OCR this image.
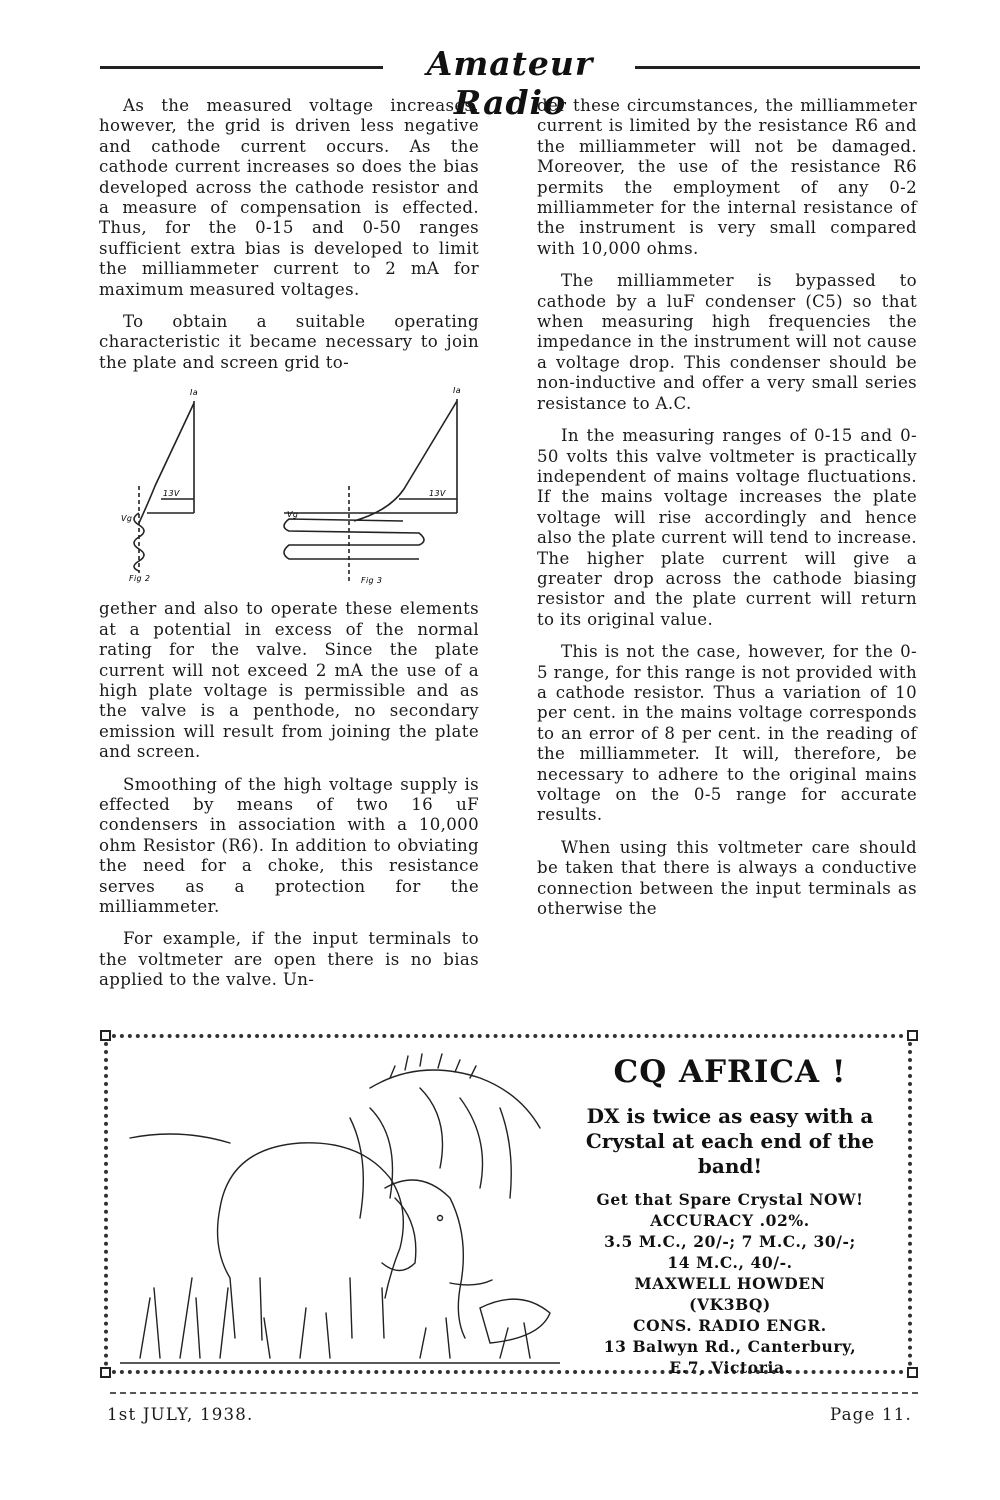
Amateur Radio

As the measured voltage increases, however, the grid is driven less negative and cathode current occurs. As the cathode current increases so does the bias developed across the cathode resistor and a measure of compensation is effected. Thus, for the 0-15 and 0-50 ranges sufficient extra bias is developed to limit the milliammeter current to 2 mA for maximum measured voltages.

To obtain a suitable operating characteristic it became necessary to join the plate and screen grid to-

Ia
Vg
13V
Fig 2
Ia
Vg
13V
Fig 3

gether and also to operate these elements at a potential in excess of the normal rating for the valve. Since the plate current will not exceed 2 mA the use of a high plate voltage is permissible and as the valve is a penthode, no secondary emission will result from joining the plate and screen.

Smoothing of the high voltage supply is effected by means of two 16 uF condensers in association with a 10,000 ohm Resistor (R6). In addition to obviating the need for a choke, this resistance serves as a protection for the milliammeter.

For example, if the input terminals to the voltmeter are open there is no bias applied to the valve. Un-

der these circumstances, the milliammeter current is limited by the resistance R6 and the milliammeter will not be damaged. Moreover, the use of the resistance R6 permits the employment of any 0-2 milliammeter for the internal resistance of the instrument is very small compared with 10,000 ohms.

The milliammeter is bypassed to cathode by a luF condenser (C5) so that when measuring high frequencies the impedance in the instrument will not cause a voltage drop. This condenser should be non-inductive and offer a very small series resistance to A.C.

In the measuring ranges of 0-15 and 0-50 volts this valve voltmeter is practically independent of mains voltage fluctuations. If the mains voltage increases the plate voltage will rise accordingly and hence also the plate current will tend to increase. The higher plate current will give a greater drop across the cathode biasing resistor and the plate current will return to its original value.

This is not the case, however, for the 0-5 range, for this range is not provided with a cathode resistor. Thus a variation of 10 per cent. in the mains voltage corresponds to an error of 8 per cent. in the reading of the milliammeter. It will, therefore, be necessary to adhere to the original mains voltage on the 0-5 range for accurate results.

When using this voltmeter care should be taken that there is always a conductive connection between the input terminals as otherwise the

CQ AFRICA !
DX is twice as easy with a Crystal at each end of the band!
Get that Spare Crystal NOW!
ACCURACY .02%.
3.5 M.C., 20/-; 7 M.C., 30/-;
14 M.C., 40/-.
MAXWELL HOWDEN
(VK3BQ)
CONS. RADIO ENGR.
13 Balwyn Rd., Canterbury,
E.7, Victoria.
1st JULY, 1938.	Page 11.
